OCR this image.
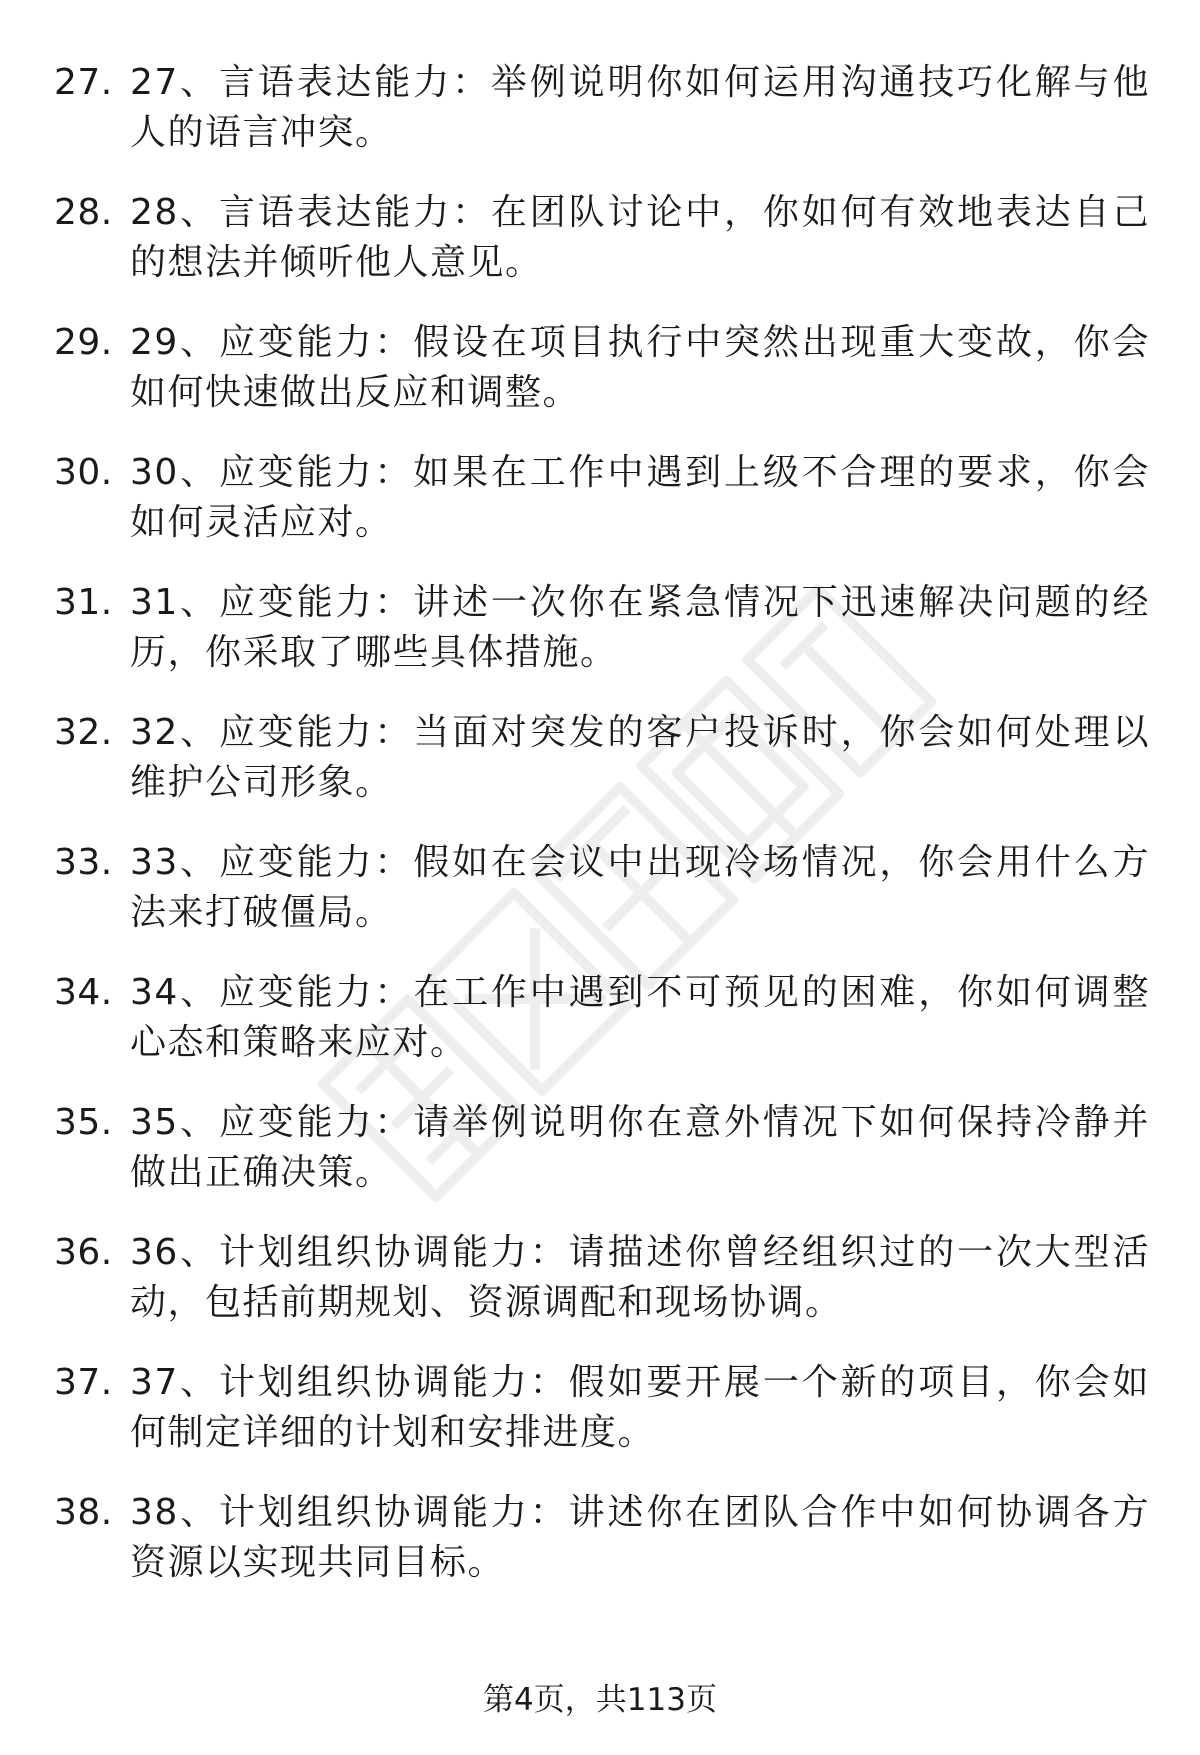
27. 27、言语表达能力：举例说明你如何运用沟通技巧化解与他人的语言冲突。
28. 28、言语表达能力：在团队讨论中，你如何有效地表达自己的想法并倾听他人意见。
29. 29、应变能力：假设在项目执行中突然出现重大变故，你会如何快速做出反应和调整。
30. 30、应变能力：如果在工作中遇到上级不合理的要求，你会如何灵活应对。
31. 31、应变能力：讲述一次你在紧急情况下迅速解决问题的经历，你采取了哪些具体措施。
32. 32、应变能力：当面对突发的客户投诉时，你会如何处理以维护公司形象。
33. 33、应变能力：假如在会议中出现冷场情况，你会用什么方法来打破僵局。
34. 34、应变能力：在工作中遇到不可预见的困难，你如何调整心态和策略来应对。
35. 35、应变能力：请举例说明你在意外情况下如何保持冷静并做出正确决策。
36. 36、计划组织协调能力：请描述你曾经组织过的一次大型活动，包括前期规划、资源调配和现场协调。
37. 37、计划组织协调能力：假如要开展一个新的项目，你会如何制定详细的计划和安排进度。
38. 38、计划组织协调能力：讲述你在团队合作中如何协调各方资源以实现共同目标。
第4页，共113页
